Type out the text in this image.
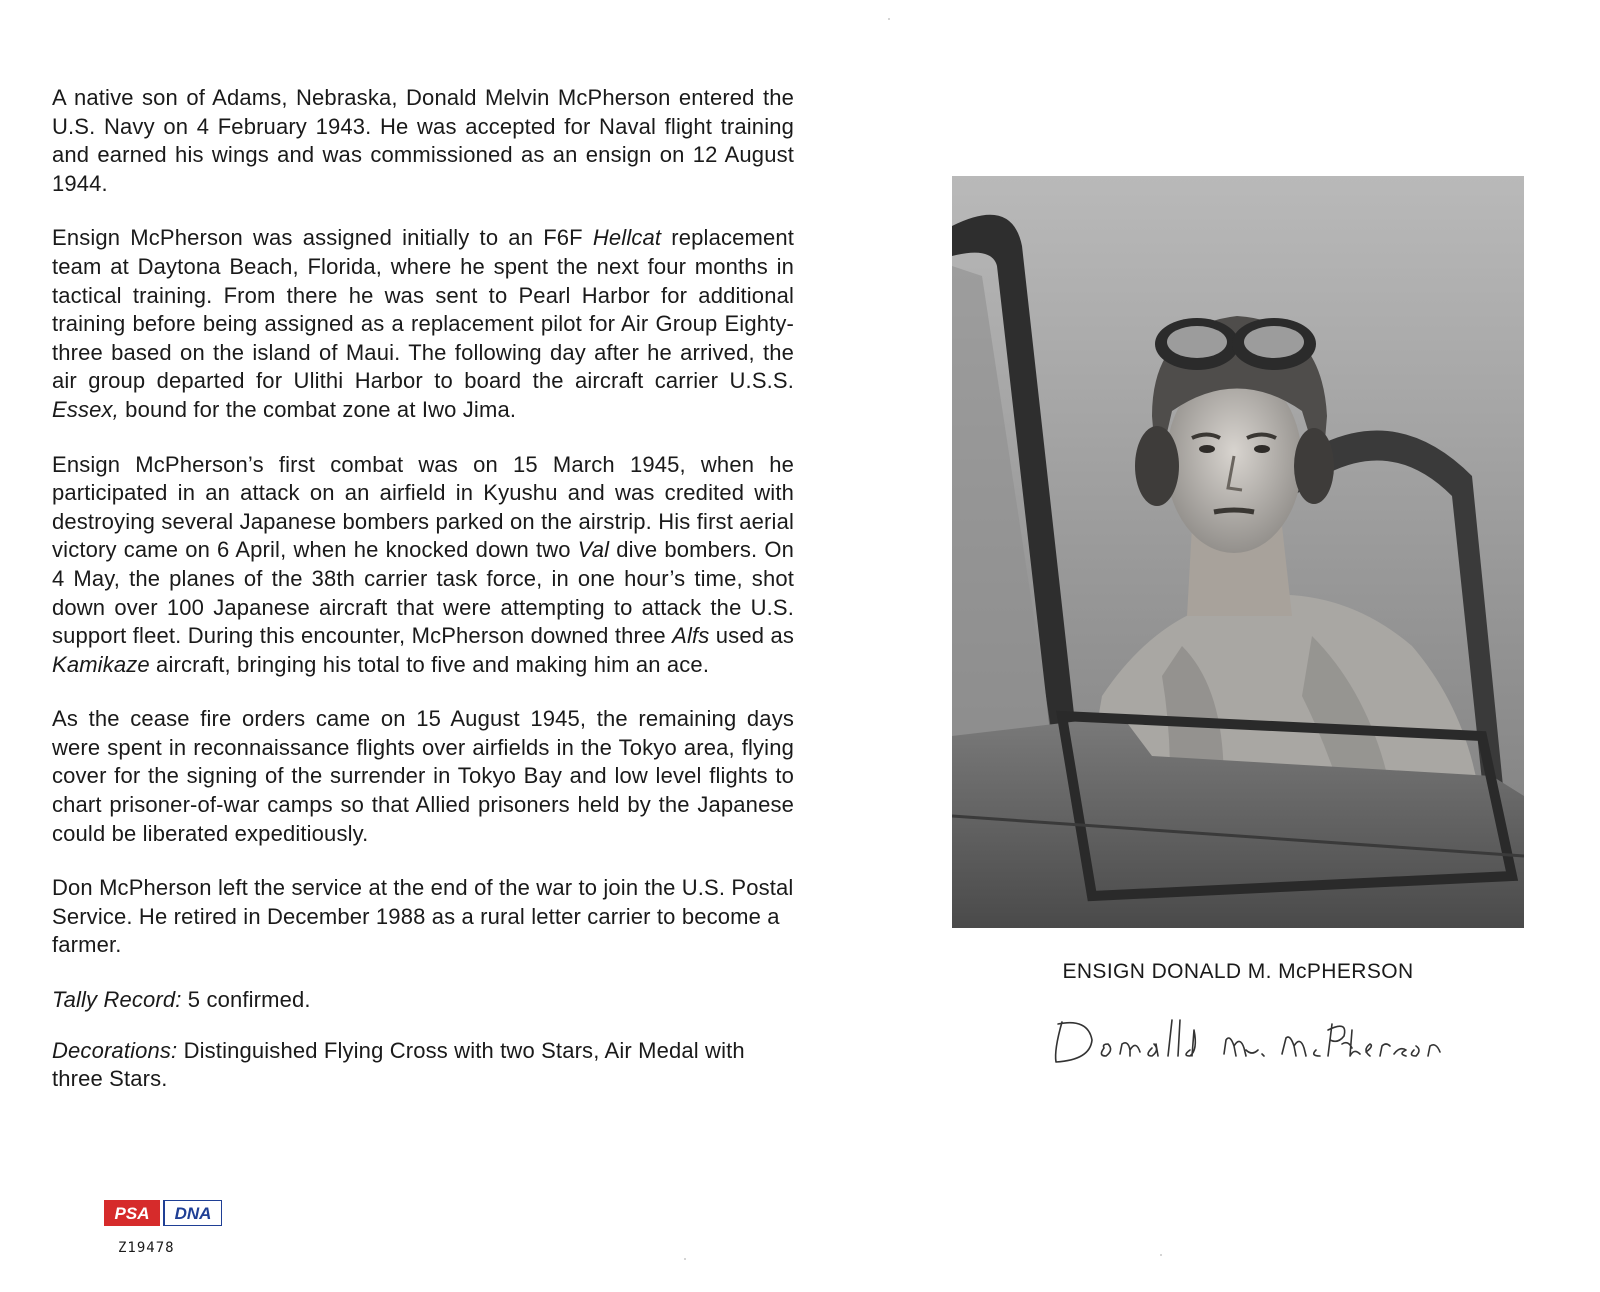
A native son of Adams, Nebraska, Donald Melvin McPherson entered the U.S. Navy on 4 February 1943. He was accepted for Naval flight training and earned his wings and was commissioned as an ensign on 12 August 1944.

Ensign McPherson was assigned initially to an F6F Hellcat replacement team at Daytona Beach, Florida, where he spent the next four months in tactical training. From there he was sent to Pearl Harbor for additional training before being assigned as a replacement pilot for Air Group Eighty-three based on the island of Maui. The following day after he arrived, the air group departed for Ulithi Harbor to board the aircraft carrier U.S.S. Essex, bound for the combat zone at Iwo Jima.

Ensign McPherson’s first combat was on 15 March 1945, when he participated in an attack on an airfield in Kyushu and was credited with destroying several Japanese bombers parked on the airstrip. His first aerial victory came on 6 April, when he knocked down two Val dive bombers. On 4 May, the planes of the 38th carrier task force, in one hour’s time, shot down over 100 Japanese aircraft that were attempting to attack the U.S. support fleet. During this encounter, McPherson downed three Alfs used as Kamikaze aircraft, bringing his total to five and making him an ace.

As the cease fire orders came on 15 August 1945, the remaining days were spent in reconnaissance flights over airfields in the Tokyo area, flying cover for the signing of the surrender in Tokyo Bay and low level flights to chart prisoner-of-war camps so that Allied prisoners held by the Japanese could be liberated expeditiously.

Don McPherson left the service at the end of the war to join the U.S. Postal Service. He retired in December 1988 as a rural letter carrier to become a farmer.

Tally Record: 5 confirmed.
Decorations: Distinguished Flying Cross with two Stars, Air Medal with three Stars.
ENSIGN DONALD M. McPHERSON
PSA DNA
Z19478
